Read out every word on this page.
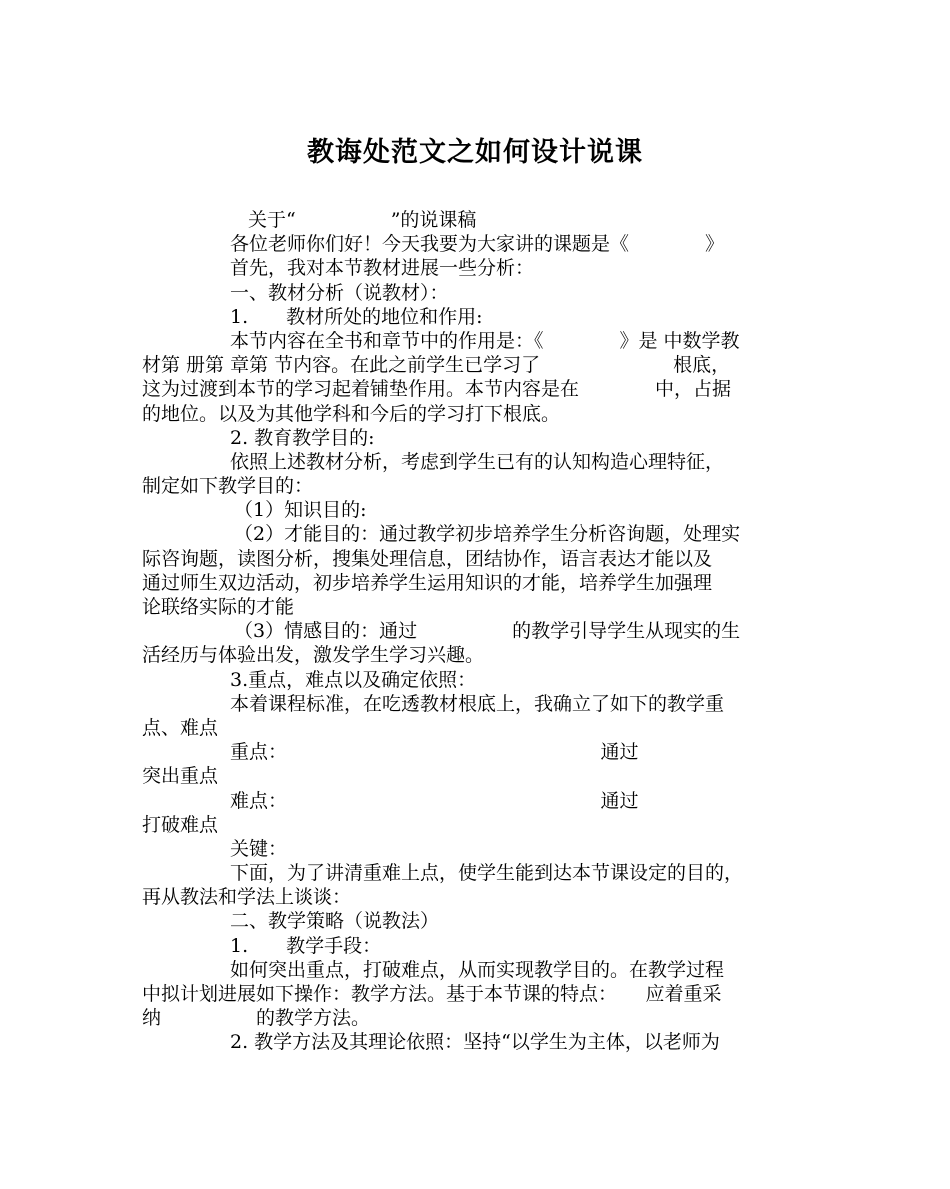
教诲处范文之如何设计说课
关于“　　　　　”的说课稿
各位老师你们好！今天我要为大家讲的课题是《　　　　》
首先，我对本节教材进展一些分析：
一、教材分析（说教材）：
1.　　教材所处的地位和作用:
本节内容在全书和章节中的作用是：《　　　　》是 中数学教
材第 册第 章第 节内容。在此之前学生已学习了　　　　　　　根底，
这为过渡到本节的学习起着铺垫作用。本节内容是在　　　　中，占据
的地位。以及为其他学科和今后的学习打下根底。
2. 教育教学目的:
依照上述教材分析，考虑到学生已有的认知构造心理特征，
制定如下教学目的：
（1）知识目的:
（2）才能目的：通过教学初步培养学生分析咨询题，处理实
际咨询题，读图分析，搜集处理信息，团结协作，语言表达才能以及
通过师生双边活动，初步培养学生运用知识的才能，培养学生加强理
论联络实际的才能
（3）情感目的：通过　　　　　的教学引导学生从现实的生
活经历与体验出发，激发学生学习兴趣。
3.重点，难点以及确定依照：
本着课程标准，在吃透教材根底上，我确立了如下的教学重
点、难点
重点：　　　　　　　　　　　　　　　　　通过
突出重点
难点：　　　　　　　　　　　　　　　　　通过
打破难点
关键：
下面，为了讲清重难上点，使学生能到达本节课设定的目的，
再从教法和学法上谈谈：
二、教学策略（说教法）
1.　　教学手段：
如何突出重点，打破难点，从而实现教学目的。在教学过程
中拟计划进展如下操作：教学方法。基于本节课的特点：　　应着重采
纳　　　　　的教学方法。
2. 教学方法及其理论依照：坚持“以学生为主体，以老师为
